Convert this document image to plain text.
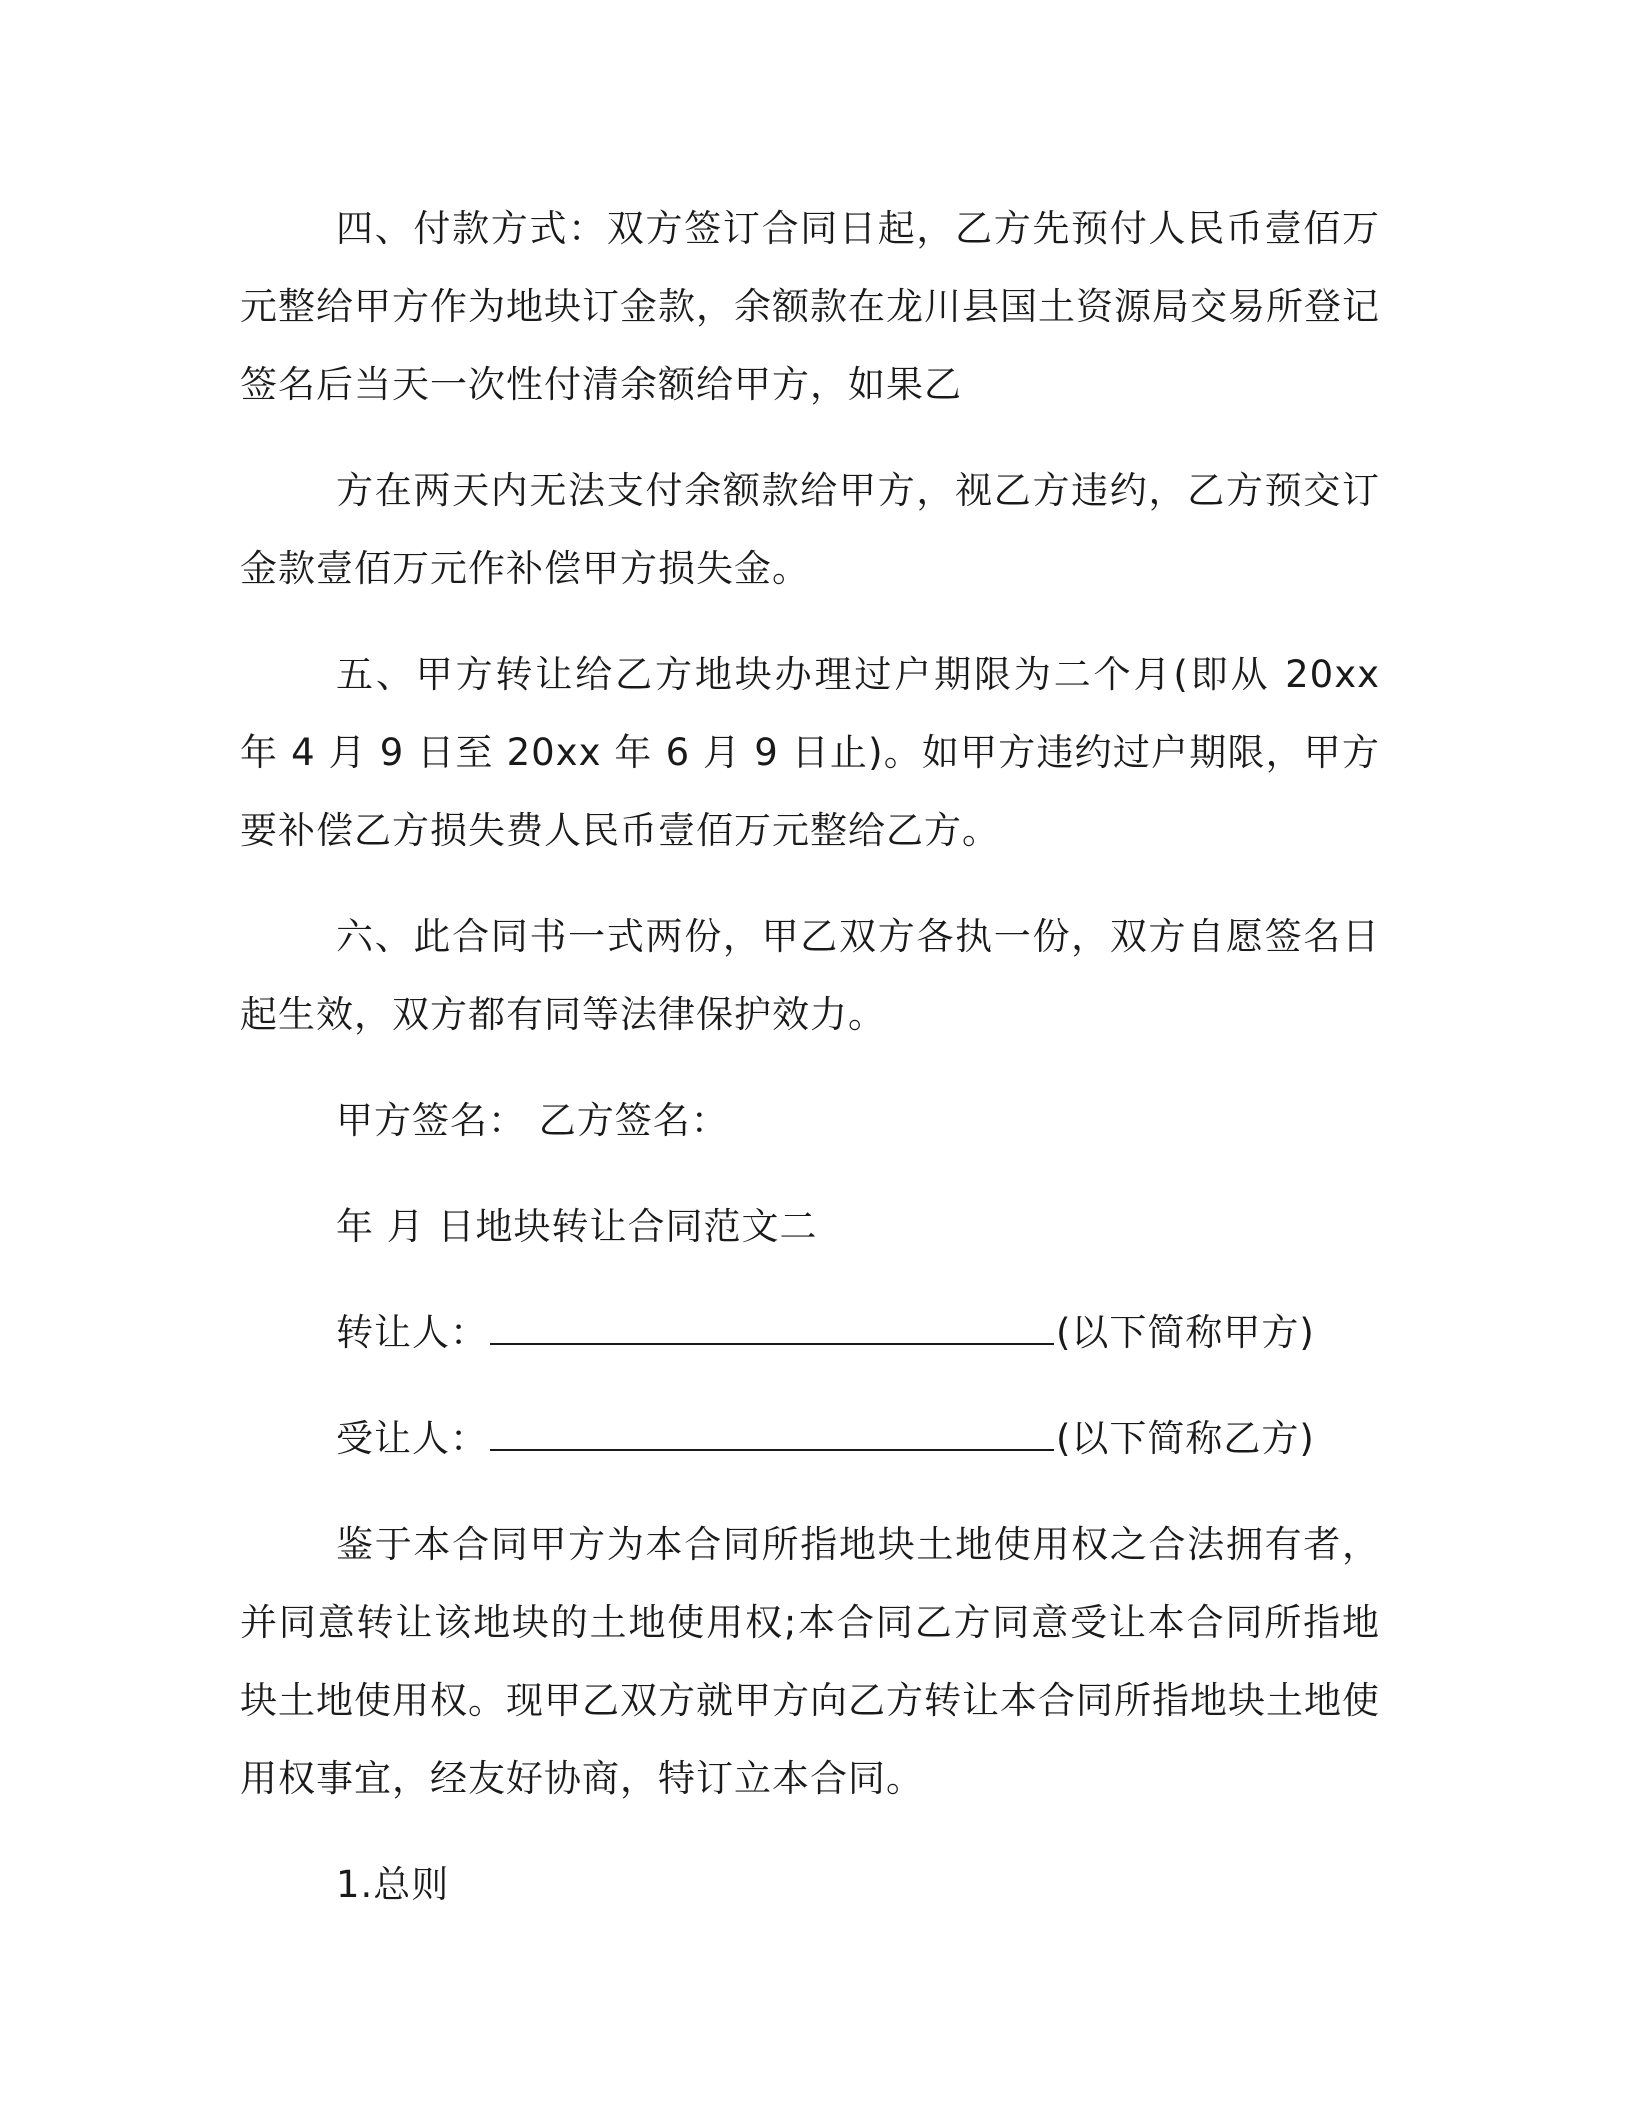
四、付款方式：双方签订合同日起，乙方先预付人民币壹佰万元整给甲方作为地块订金款，余额款在龙川县国土资源局交易所登记签名后当天一次性付清余额给甲方，如果乙

方在两天内无法支付余额款给甲方，视乙方违约，乙方预交订金款壹佰万元作补偿甲方损失金。

五、甲方转让给乙方地块办理过户期限为二个月(即从 20xx 年 4 月 9 日至 20xx 年 6 月 9 日止)。如甲方违约过户期限，甲方要补偿乙方损失费人民币壹佰万元整给乙方。

六、此合同书一式两份，甲乙双方各执一份，双方自愿签名日起生效，双方都有同等法律保护效力。

甲方签名： 乙方签名：

年 月 日地块转让合同范文二

转让人：	(以下简称甲方)

受让人：	(以下简称乙方)

鉴于本合同甲方为本合同所指地块土地使用权之合法拥有者，并同意转让该地块的土地使用权;本合同乙方同意受让本合同所指地块土地使用权。现甲乙双方就甲方向乙方转让本合同所指地块土地使用权事宜，经友好协商，特订立本合同。

1.总则
